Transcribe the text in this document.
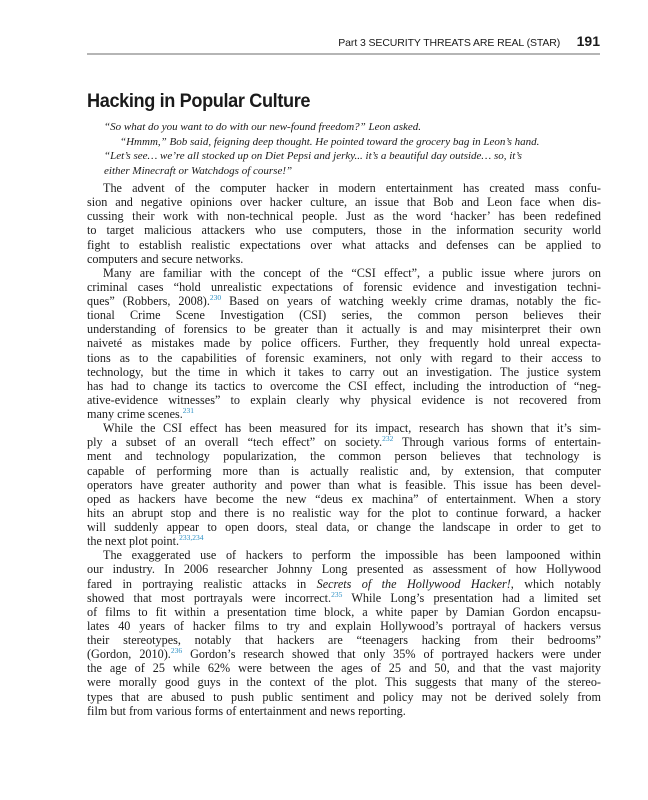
Part 3 SECURITY THREATS ARE REAL (STAR) 191
Hacking in Popular Culture
“So what do you want to do with our new-found freedom?” Leon asked.
“Hmmm,” Bob said, feigning deep thought. He pointed toward the grocery bag in Leon’s hand.
“Let’s see… we’re all stocked up on Diet Pepsi and jerky... it’s a beautiful day outside… so, it’s
either Minecraft or Watchdogs of course!”
The advent of the computer hacker in modern entertainment has created mass confu-
sion and negative opinions over hacker culture, an issue that Bob and Leon face when dis-
cussing their work with non-technical people. Just as the word ‘hacker’ has been redefined
to target malicious attackers who use computers, those in the information security world
fight to establish realistic expectations over what attacks and defenses can be applied to
computers and secure networks.
Many are familiar with the concept of the “CSI effect”, a public issue where jurors on
criminal cases “hold unrealistic expectations of forensic evidence and investigation techni-
ques” (Robbers, 2008).$^{230}$ Based on years of watching weekly crime dramas, notably the fic-
tional Crime Scene Investigation (CSI) series, the common person believes their
understanding of forensics to be greater than it actually is and may misinterpret their own
naiveté as mistakes made by police officers. Further, they frequently hold unreal expecta-
tions as to the capabilities of forensic examiners, not only with regard to their access to
technology, but the time in which it takes to carry out an investigation. The justice system
has had to change its tactics to overcome the CSI effect, including the introduction of “neg-
ative-evidence witnesses” to explain clearly why physical evidence is not recovered from
many crime scenes.$^{231}$
While the CSI effect has been measured for its impact, research has shown that it’s sim-
ply a subset of an overall “tech effect” on society.$^{232}$ Through various forms of entertain-
ment and technology popularization, the common person believes that technology is
capable of performing more than is actually realistic and, by extension, that computer
operators have greater authority and power than what is feasible. This issue has been devel-
oped as hackers have become the new “deus ex machina” of entertainment. When a story
hits an abrupt stop and there is no realistic way for the plot to continue forward, a hacker
will suddenly appear to open doors, steal data, or change the landscape in order to get to
the next plot point.$^{233,234}$
The exaggerated use of hackers to perform the impossible has been lampooned within
our industry. In 2006 researcher Johnny Long presented as assessment of how Hollywood
fared in portraying realistic attacks in Secrets of the Hollywood Hacker!, which notably
showed that most portrayals were incorrect.$^{235}$ While Long’s presentation had a limited set
of films to fit within a presentation time block, a white paper by Damian Gordon encapsu-
lates 40 years of hacker films to try and explain Hollywood’s portrayal of hackers versus
their stereotypes, notably that hackers are “teenagers hacking from their bedrooms”
(Gordon, 2010).$^{236}$ Gordon’s research showed that only 35% of portrayed hackers were under
the age of 25 while 62% were between the ages of 25 and 50, and that the vast majority
were morally good guys in the context of the plot. This suggests that many of the stereo-
types that are abused to push public sentiment and policy may not be derived solely from
film but from various forms of entertainment and news reporting.
